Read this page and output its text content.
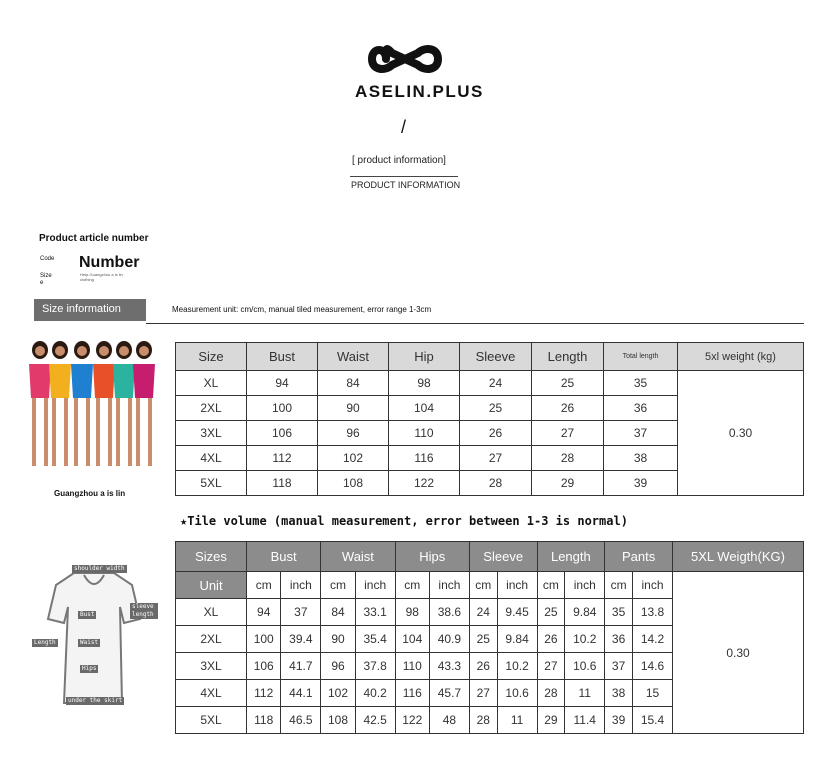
ASELIN.PLUS
/
[ product information]
PRODUCT INFORMATION
Product article number
Code
Size
e
Number
Help-Guangzhou a is lin
clothing
Size information	Measurement unit: cm/cm, manual tiled measurement, error range 1-3cm
Guangzhou a is lin
Size	Bust	Waist	Hip	Sleeve	Length	Total length	5xl weight (kg)
XL	94	84	98	24	25	35	0.30
2XL	100	90	104	25	26	36	
3XL	106	96	110	26	27	37	
4XL	112	102	116	27	28	38	
5XL	118	108	122	28	29	39	
★Tile volume (manual measurement, error between 1-3 is normal)
shoulder width
sleeve length
Bust
Waist
Hips
Length
under the skirt
Sizes	Bust		Waist		Hips		Sleeve		Length		Pants		5XL Weigth(KG)
Unit	cm	inch	cm	inch	cm	inch	cm	inch	cm	inch	cm	inch	0.30
XL	94	37	84	33.1	98	38.6	24	9.45	25	9.84	35	13.8	
2XL	100	39.4	90	35.4	104	40.9	25	9.84	26	10.2	36	14.2	
3XL	106	41.7	96	37.8	110	43.3	26	10.2	27	10.6	37	14.6	
4XL	112	44.1	102	40.2	116	45.7	27	10.6	28	11	38	15	
5XL	118	46.5	108	42.5	122	48	28	11	29	11.4	39	15.4	
